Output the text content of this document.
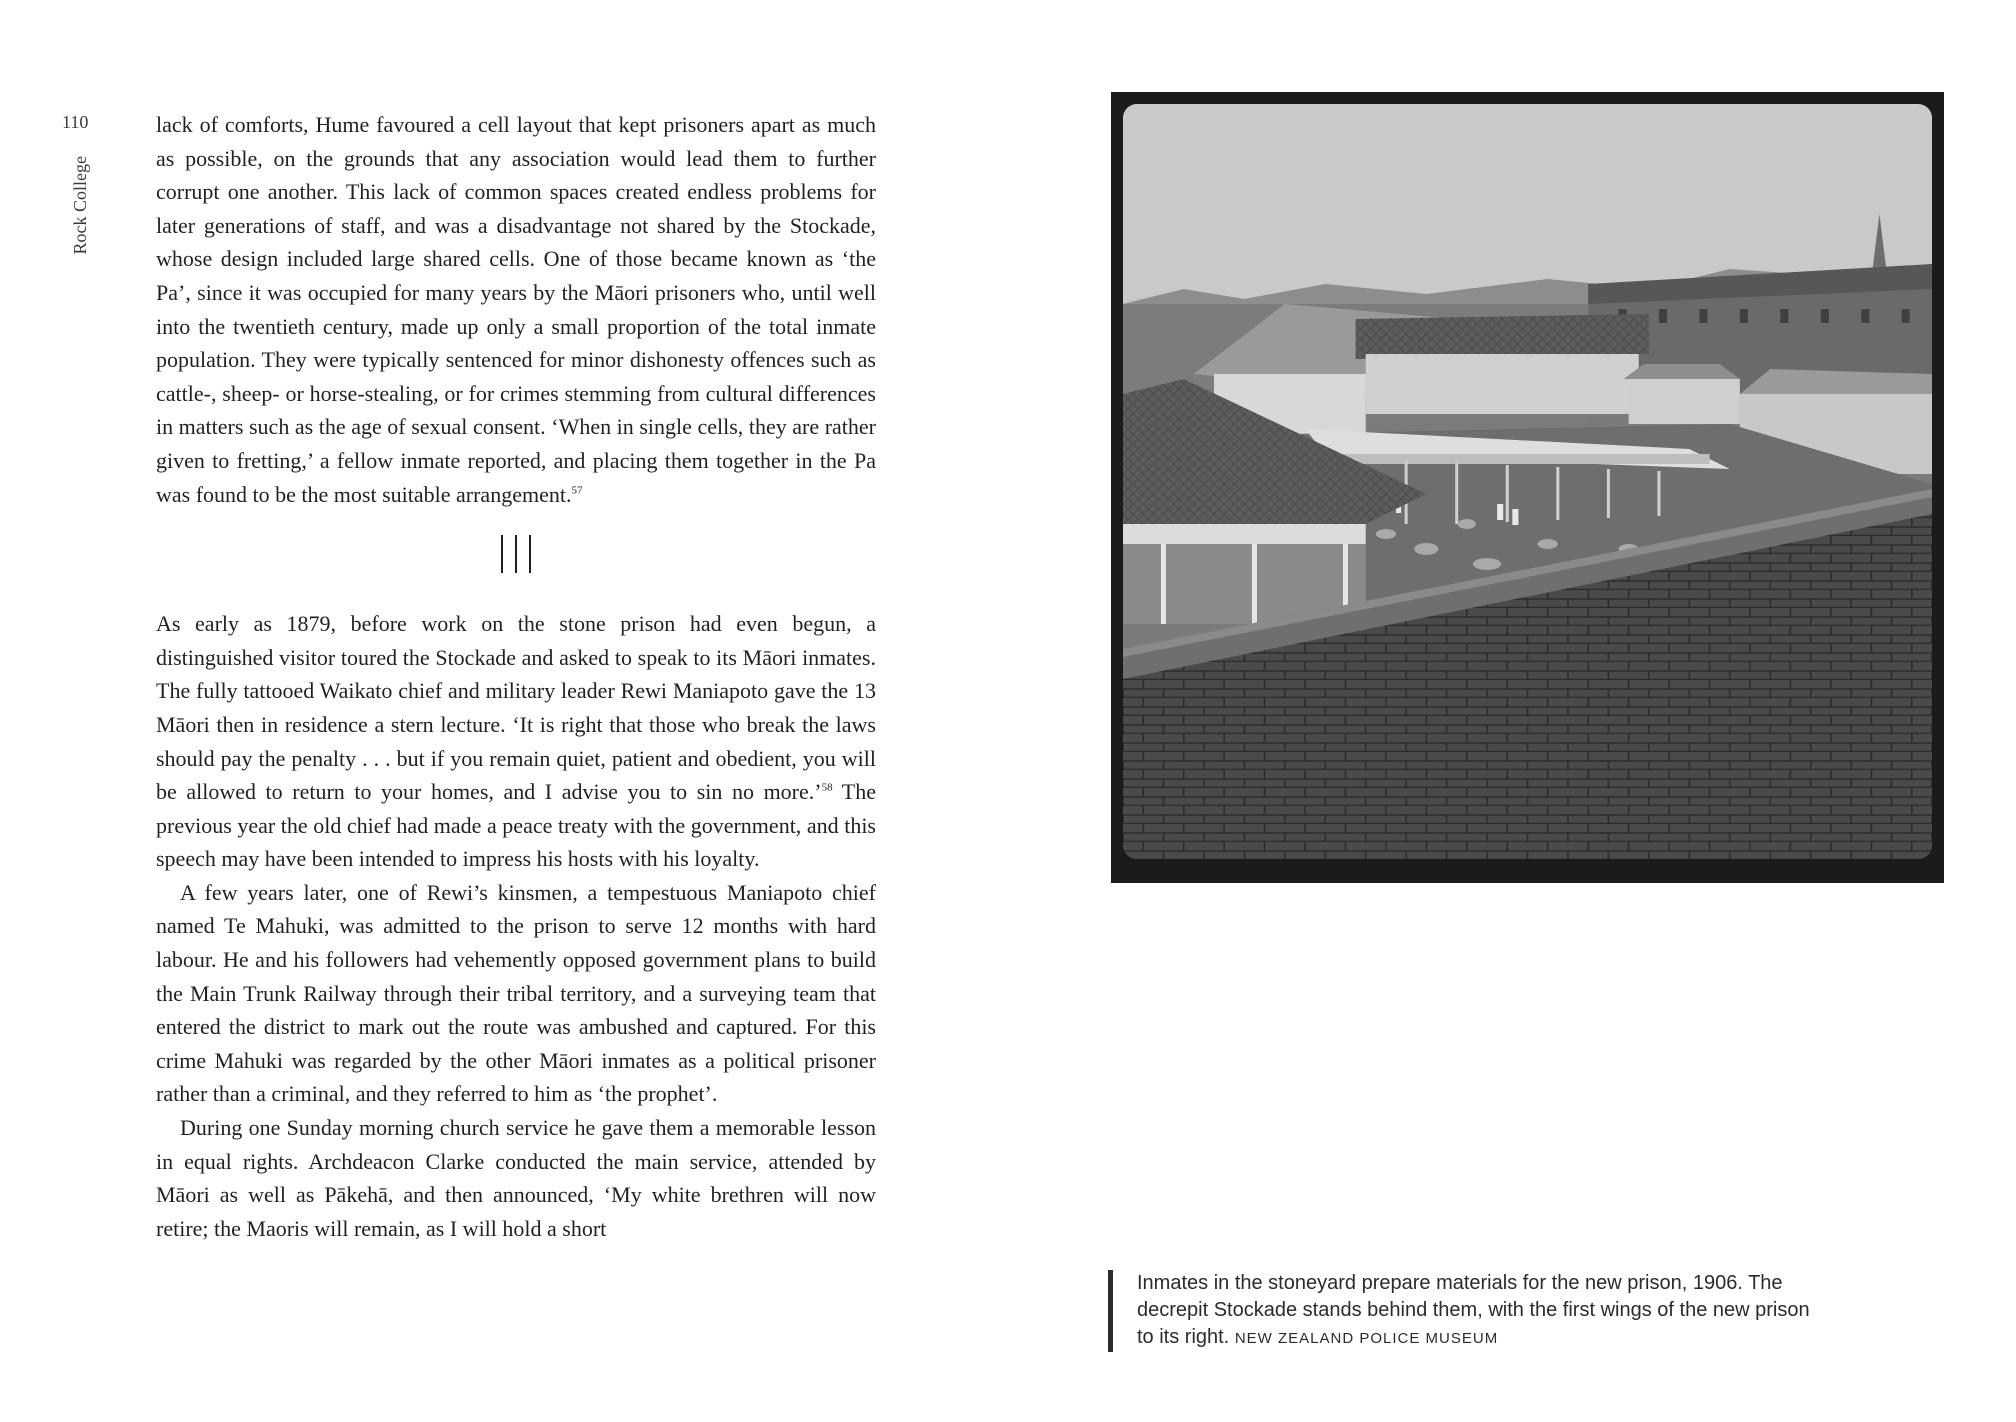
110
Rock College

lack of comforts, Hume favoured a cell layout that kept prisoners apart as much as possible, on the grounds that any association would lead them to further corrupt one another. This lack of common spaces created endless problems for later generations of staff, and was a disadvantage not shared by the Stockade, whose design included large shared cells. One of those became known as ‘the Pa’, since it was occupied for many years by the Māori prisoners who, until well into the twentieth century, made up only a small proportion of the total inmate population. They were typically sentenced for minor dishonesty offences such as cattle-, sheep- or horse-stealing, or for crimes stemming from cultural differences in matters such as the age of sexual consent. ‘When in single cells, they are rather given to fretting,’ a fellow inmate reported, and placing them together in the Pa was found to be the most suitable arrangement.$^{57}$

As early as 1879, before work on the stone prison had even begun, a distinguished visitor toured the Stockade and asked to speak to its Māori inmates. The fully tattooed Waikato chief and military leader Rewi Maniapoto gave the 13 Māori then in residence a stern lecture. ‘It is right that those who break the laws should pay the penalty . . . but if you remain quiet, patient and obedient, you will be allowed to return to your homes, and I advise you to sin no more.’$^{58}$ The previous year the old chief had made a peace treaty with the government, and this speech may have been intended to impress his hosts with his loyalty.

A few years later, one of Rewi’s kinsmen, a tempestuous Maniapoto chief named Te Mahuki, was admitted to the prison to serve 12 months with hard labour. He and his followers had vehemently opposed government plans to build the Main Trunk Railway through their tribal territory, and a surveying team that entered the district to mark out the route was ambushed and captured. For this crime Mahuki was regarded by the other Māori inmates as a political prisoner rather than a criminal, and they referred to him as ‘the prophet’.

During one Sunday morning church service he gave them a memorable lesson in equal rights. Archdeacon Clarke conducted the main service, attended by Māori as well as Pākehā, and then announced, ‘My white brethren will now retire; the Maoris will remain, as I will hold a short

Inmates in the stoneyard prepare materials for the new prison, 1906. The decrepit Stockade stands behind them, with the first wings of the new prison to its right. NEW ZEALAND POLICE MUSEUM
